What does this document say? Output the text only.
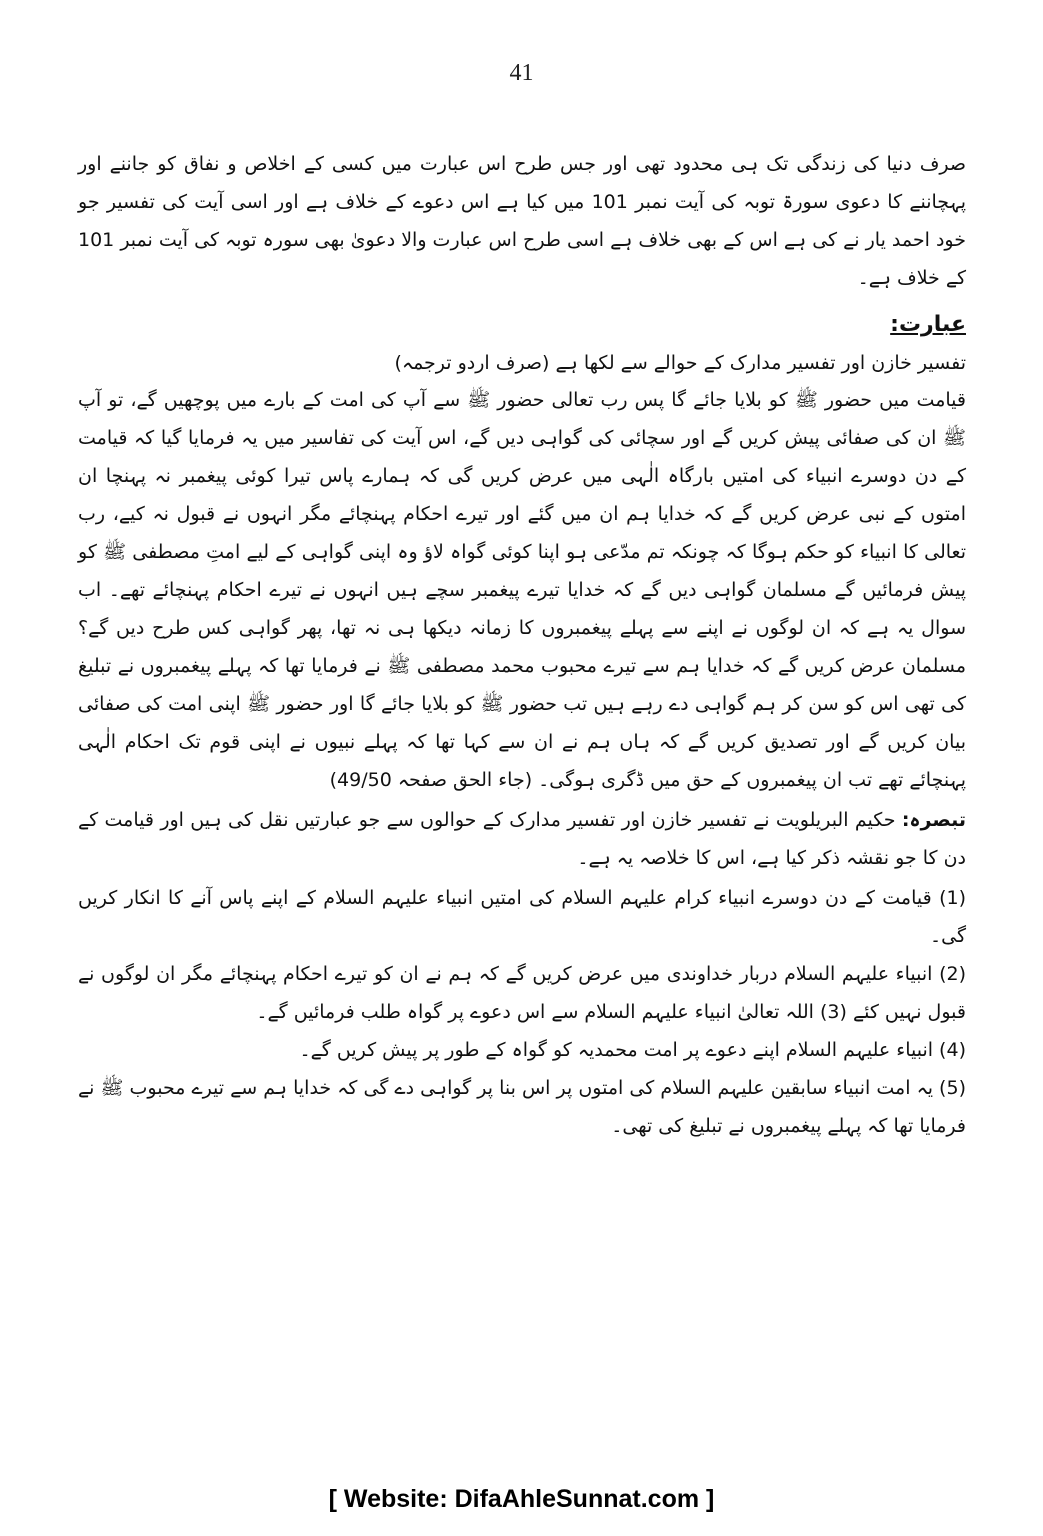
41

صرف دنیا کی زندگی تک ہی محدود تھی اور جس طرح اس عبارت میں کسی کے اخلاص و نفاق کو جاننے اور پہچاننے کا دعوی سورۃ توبہ کی آیت نمبر 101 میں کیا ہے اس دعوے کے خلاف ہے اور اسی آیت کی تفسیر جو خود احمد یار نے کی ہے اس کے بھی خلاف ہے اسی طرح اس عبارت والا دعویٰ بھی سورہ توبہ کی آیت نمبر 101 کے خلاف ہے۔

عبارت:

تفسیر خازن اور تفسیر مدارک کے حوالے سے لکھا ہے (صرف اردو ترجمہ)

قیامت میں حضور ﷺ کو بلایا جائے گا پس رب تعالی حضور ﷺ سے آپ کی امت کے بارے میں پوچھیں گے، تو آپ ﷺ ان کی صفائی پیش کریں گے اور سچائی کی گواہی دیں گے، اس آیت کی تفاسیر میں یہ فرمایا گیا کہ قیامت کے دن دوسرے انبیاء کی امتیں بارگاہ الٰہی میں عرض کریں گی کہ ہمارے پاس تیرا کوئی پیغمبر نہ پہنچا ان امتوں کے نبی عرض کریں گے کہ خدایا ہم ان میں گئے اور تیرے احکام پہنچائے مگر انہوں نے قبول نہ کیے، رب تعالی کا انبیاء کو حکم ہوگا کہ چونکہ تم مدّعی ہو اپنا کوئی گواہ لاؤ وہ اپنی گواہی کے لیے امتِ مصطفی ﷺ کو پیش فرمائیں گے مسلمان گواہی دیں گے کہ خدایا تیرے پیغمبر سچے ہیں انہوں نے تیرے احکام پہنچائے تھے۔ اب سوال یہ ہے کہ ان لوگوں نے اپنے سے پہلے پیغمبروں کا زمانہ دیکھا ہی نہ تھا، پھر گواہی کس طرح دیں گے؟ مسلمان عرض کریں گے کہ خدایا ہم سے تیرے محبوب محمد مصطفی ﷺ نے فرمایا تھا کہ پہلے پیغمبروں نے تبلیغ کی تھی اس کو سن کر ہم گواہی دے رہے ہیں تب حضور ﷺ کو بلایا جائے گا اور حضور ﷺ اپنی امت کی صفائی بیان کریں گے اور تصدیق کریں گے کہ ہاں ہم نے ان سے کہا تھا کہ پہلے نبیوں نے اپنی قوم تک احکام الٰہی پہنچائے تھے تب ان پیغمبروں کے حق میں ڈگری ہوگی۔ (جاء الحق صفحہ 49/50)

تبصرہ: حکیم البریلویت نے تفسیر خازن اور تفسیر مدارک کے حوالوں سے جو عبارتیں نقل کی ہیں اور قیامت کے دن کا جو نقشہ ذکر کیا ہے، اس کا خلاصہ یہ ہے۔

(1) قیامت کے دن دوسرے انبیاء کرام علیہم السلام کی امتیں انبیاء علیہم السلام کے اپنے پاس آنے کا انکار کریں گی۔

(2) انبیاء علیہم السلام دربار خداوندی میں عرض کریں گے کہ ہم نے ان کو تیرے احکام پہنچائے مگر ان لوگوں نے قبول نہیں کئے (3) اللہ تعالیٰ انبیاء علیہم السلام سے اس دعوے پر گواہ طلب فرمائیں گے۔

(4) انبیاء علیہم السلام اپنے دعوے پر امت محمدیہ کو گواہ کے طور پر پیش کریں گے۔

(5) یہ امت انبیاء سابقین علیہم السلام کی امتوں پر اس بنا پر گواہی دے گی کہ خدایا ہم سے تیرے محبوب ﷺ نے فرمایا تھا کہ پہلے پیغمبروں نے تبلیغ کی تھی۔

[ Website: DifaAhleSunnat.com ]
